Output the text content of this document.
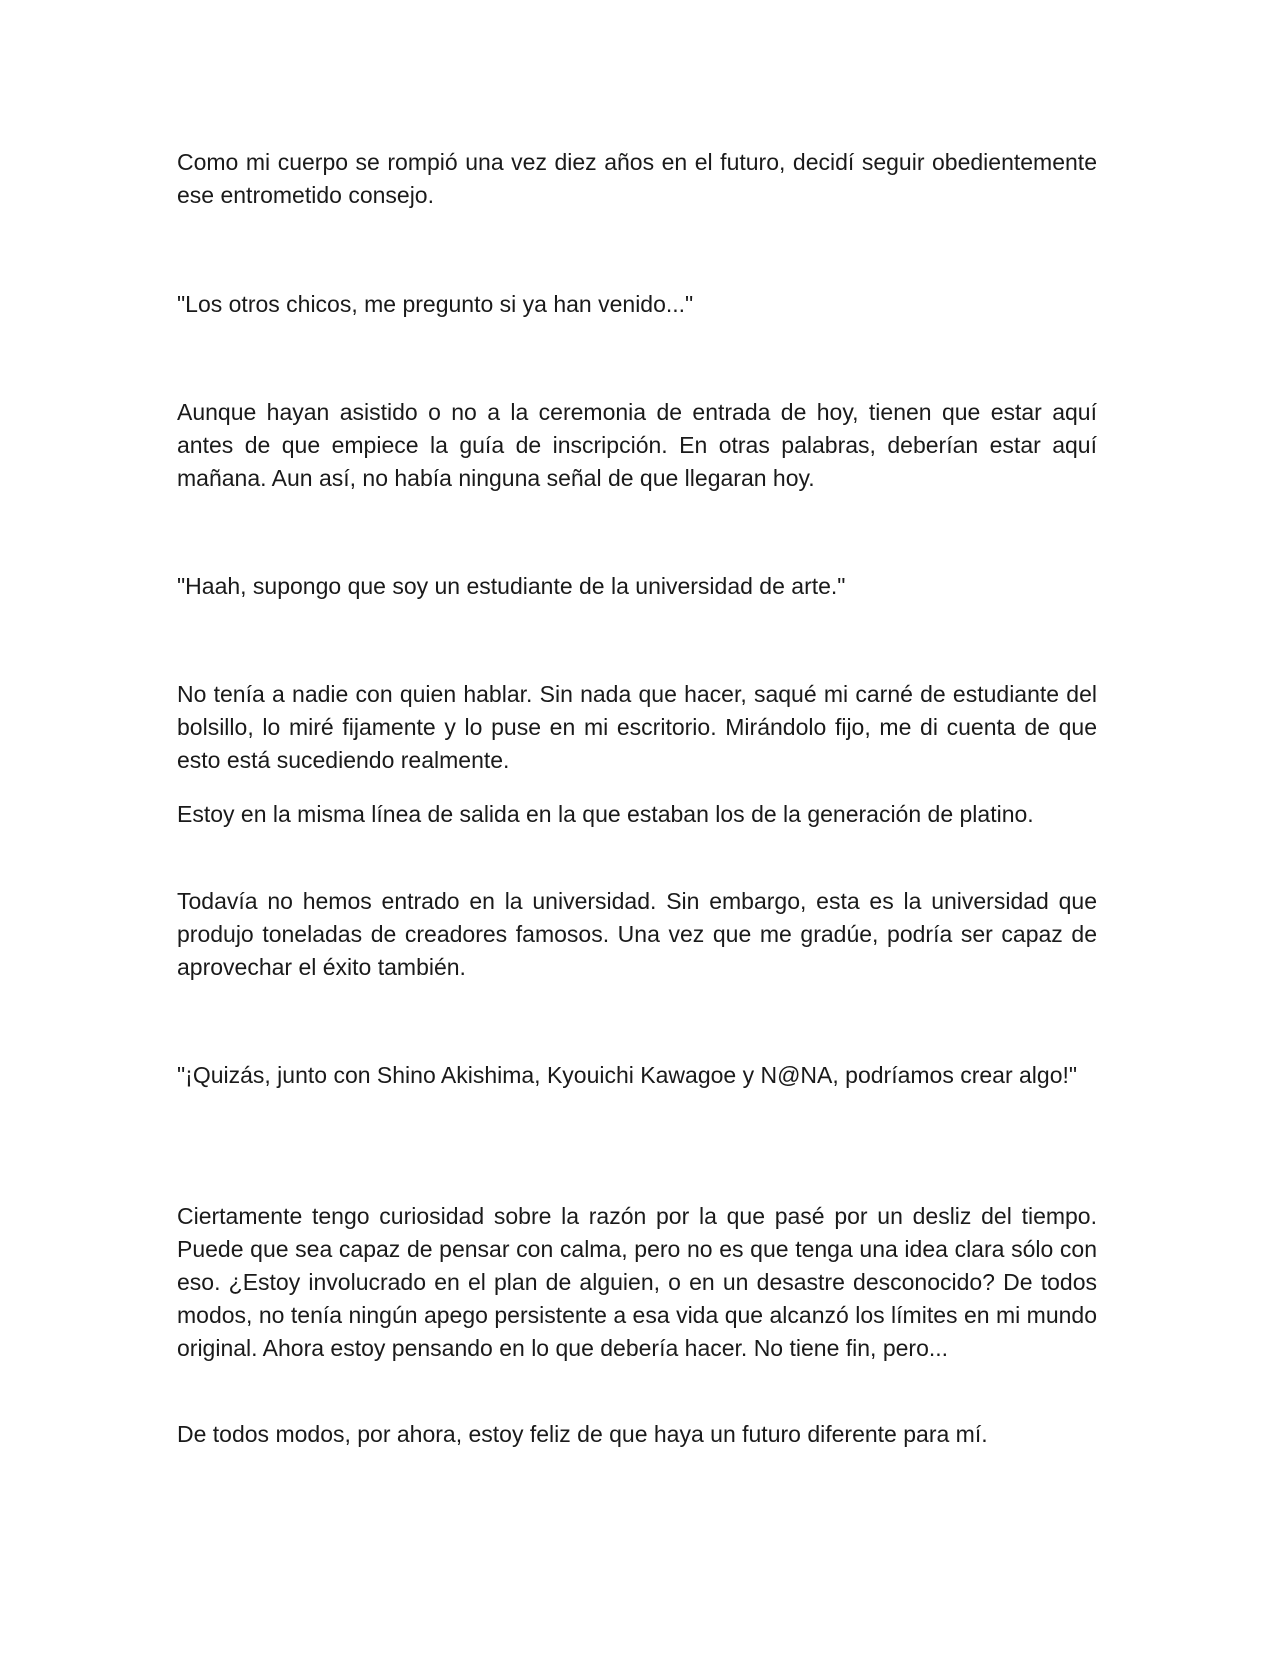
Como mi cuerpo se rompió una vez diez años en el futuro, decidí seguir obedientemente ese entrometido consejo.

"Los otros chicos, me pregunto si ya han venido..."

Aunque hayan asistido o no a la ceremonia de entrada de hoy, tienen que estar aquí antes de que empiece la guía de inscripción. En otras palabras, deberían estar aquí mañana. Aun así, no había ninguna señal de que llegaran hoy.

"Haah, supongo que soy un estudiante de la universidad de arte."

No tenía a nadie con quien hablar. Sin nada que hacer, saqué mi carné de estudiante del bolsillo, lo miré fijamente y lo puse en mi escritorio. Mirándolo fijo, me di cuenta de que esto está sucediendo realmente.

Estoy en la misma línea de salida en la que estaban los de la generación de platino.

Todavía no hemos entrado en la universidad. Sin embargo, esta es la universidad que produjo toneladas de creadores famosos. Una vez que me gradúe, podría ser capaz de aprovechar el éxito también.

"¡Quizás, junto con Shino Akishima, Kyouichi Kawagoe y N@NA, podríamos crear algo!"

Ciertamente tengo curiosidad sobre la razón por la que pasé por un desliz del tiempo. Puede que sea capaz de pensar con calma, pero no es que tenga una idea clara sólo con eso. ¿Estoy involucrado en el plan de alguien, o en un desastre desconocido? De todos modos, no tenía ningún apego persistente a esa vida que alcanzó los límites en mi mundo original. Ahora estoy pensando en lo que debería hacer. No tiene fin, pero...

De todos modos, por ahora, estoy feliz de que haya un futuro diferente para mí.
